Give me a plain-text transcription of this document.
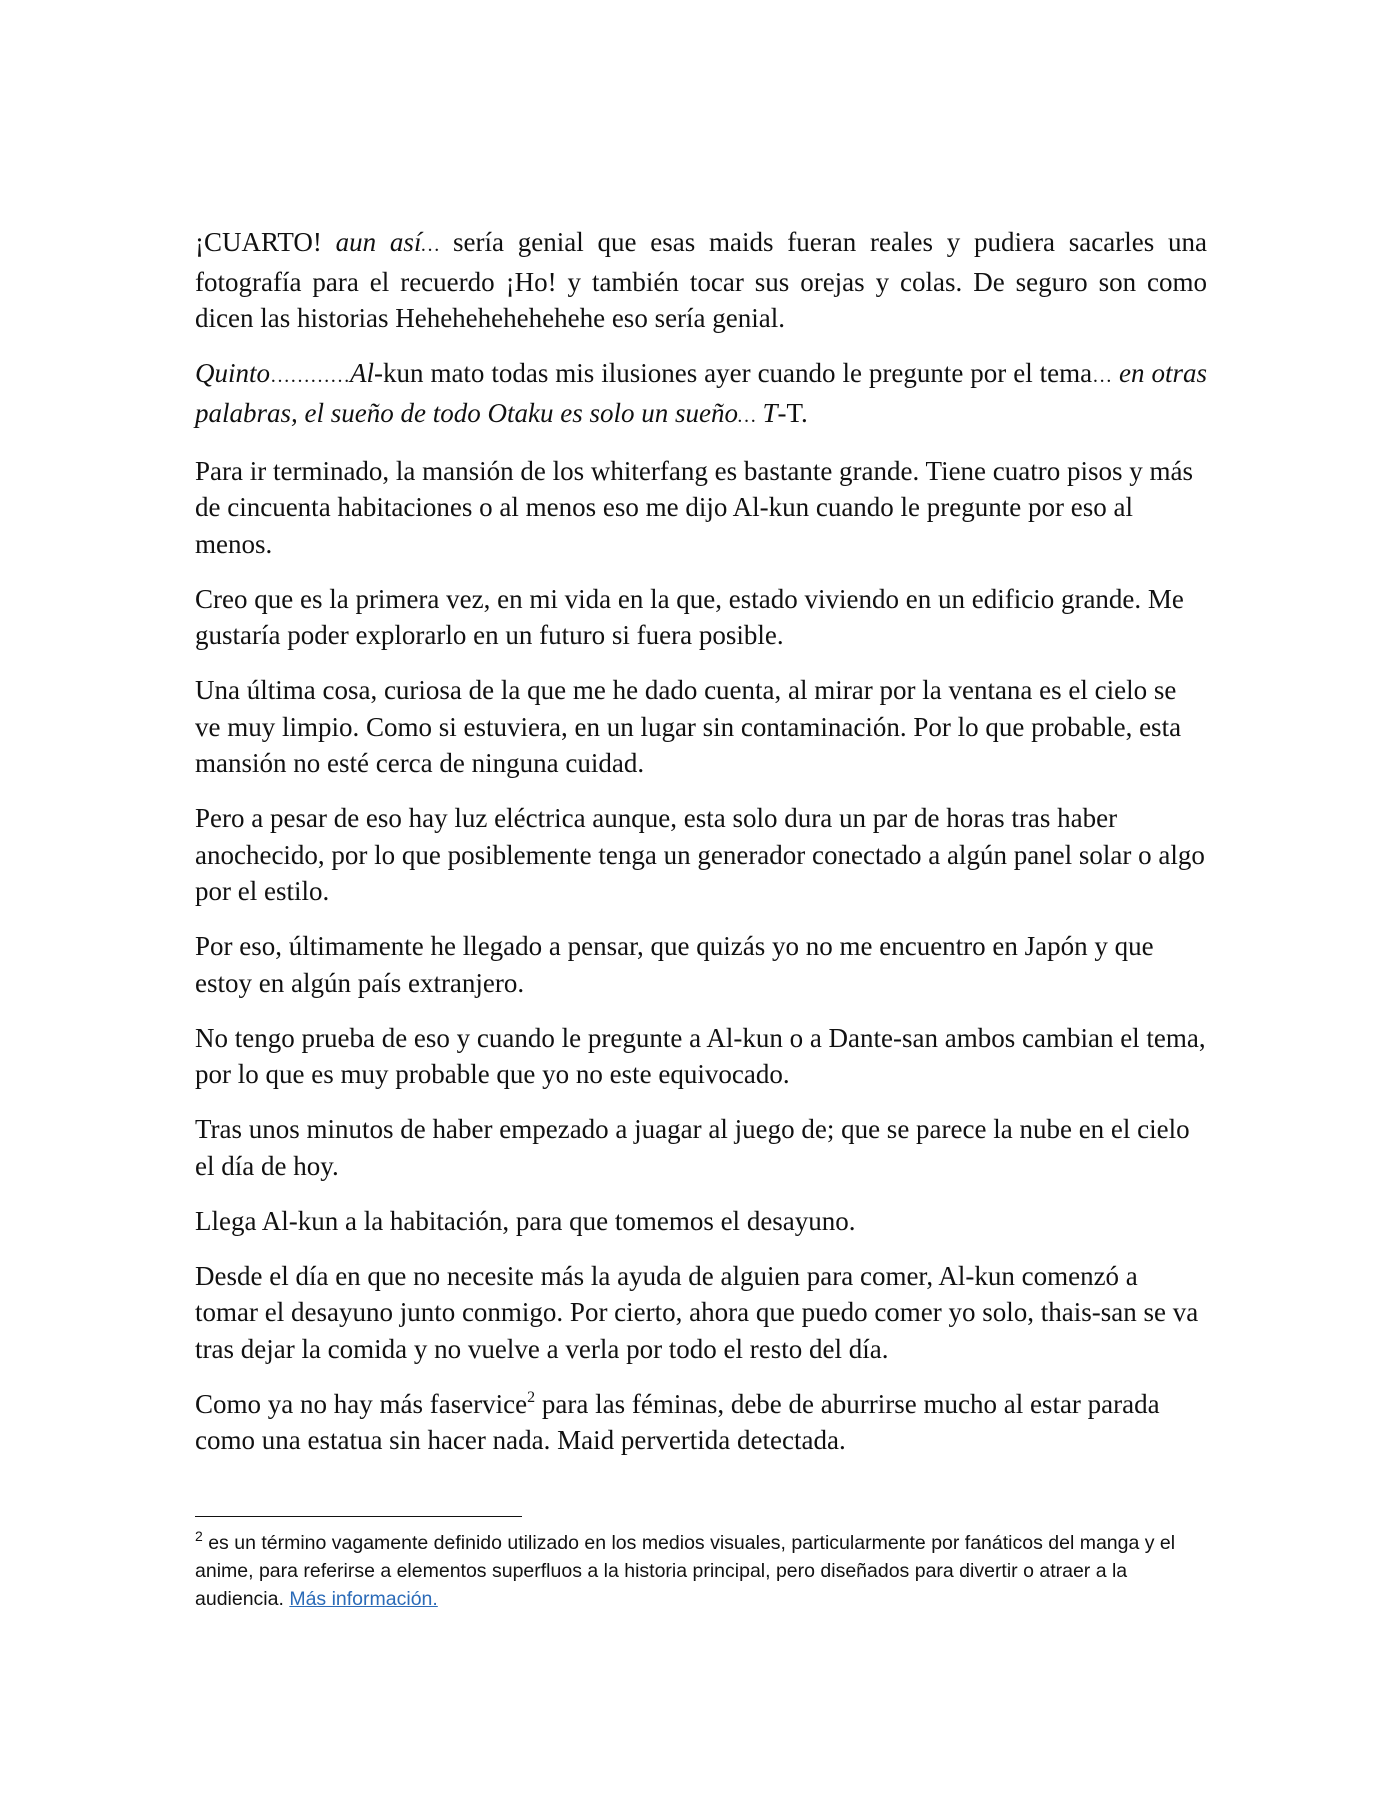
¡CUARTO! aun así… sería genial que esas maids fueran reales y pudiera sacarles una fotografía para el recuerdo ¡Ho! y también tocar sus orejas y colas. De seguro son como dicen las historias Hehehehehehehehe eso sería genial.

Quinto…………Al-kun mato todas mis ilusiones ayer cuando le pregunte por el tema… en otras palabras, el sueño de todo Otaku es solo un sueño… T-T.

Para ir terminado, la mansión de los whiterfang es bastante grande. Tiene cuatro pisos y más de cincuenta habitaciones o al menos eso me dijo Al-kun cuando le pregunte por eso al menos.

Creo que es la primera vez, en mi vida en la que, estado viviendo en un edificio grande. Me gustaría poder explorarlo en un futuro si fuera posible.

Una última cosa, curiosa de la que me he dado cuenta, al mirar por la ventana es el cielo se ve muy limpio. Como si estuviera, en un lugar sin contaminación. Por lo que probable, esta mansión no esté cerca de ninguna cuidad.

Pero a pesar de eso hay luz eléctrica aunque, esta solo dura un par de horas tras haber anochecido, por lo que posiblemente tenga un generador conectado a algún panel solar o algo por el estilo.

Por eso, últimamente he llegado a pensar, que quizás yo no me encuentro en Japón y que estoy en algún país extranjero.

No tengo prueba de eso y cuando le pregunte a Al-kun o a Dante-san ambos cambian el tema, por lo que es muy probable que yo no este equivocado.

Tras unos minutos de haber empezado a juagar al juego de; que se parece la nube en el cielo el día de hoy.

Llega Al-kun a la habitación, para que tomemos el desayuno.

Desde el día en que no necesite más la ayuda de alguien para comer, Al-kun comenzó a tomar el desayuno junto conmigo. Por cierto, ahora que puedo comer yo solo, thais-san se va tras dejar la comida y no vuelve a verla por todo el resto del día.

Como ya no hay más faservice$^2$ para las féminas, debe de aburrirse mucho al estar parada como una estatua sin hacer nada. Maid pervertida detectada.

$^2$ es un término vagamente definido utilizado en los medios visuales, particularmente por fanáticos del manga y el anime, para referirse a elementos superfluos a la historia principal, pero diseñados para divertir o atraer a la audiencia. Más información.
